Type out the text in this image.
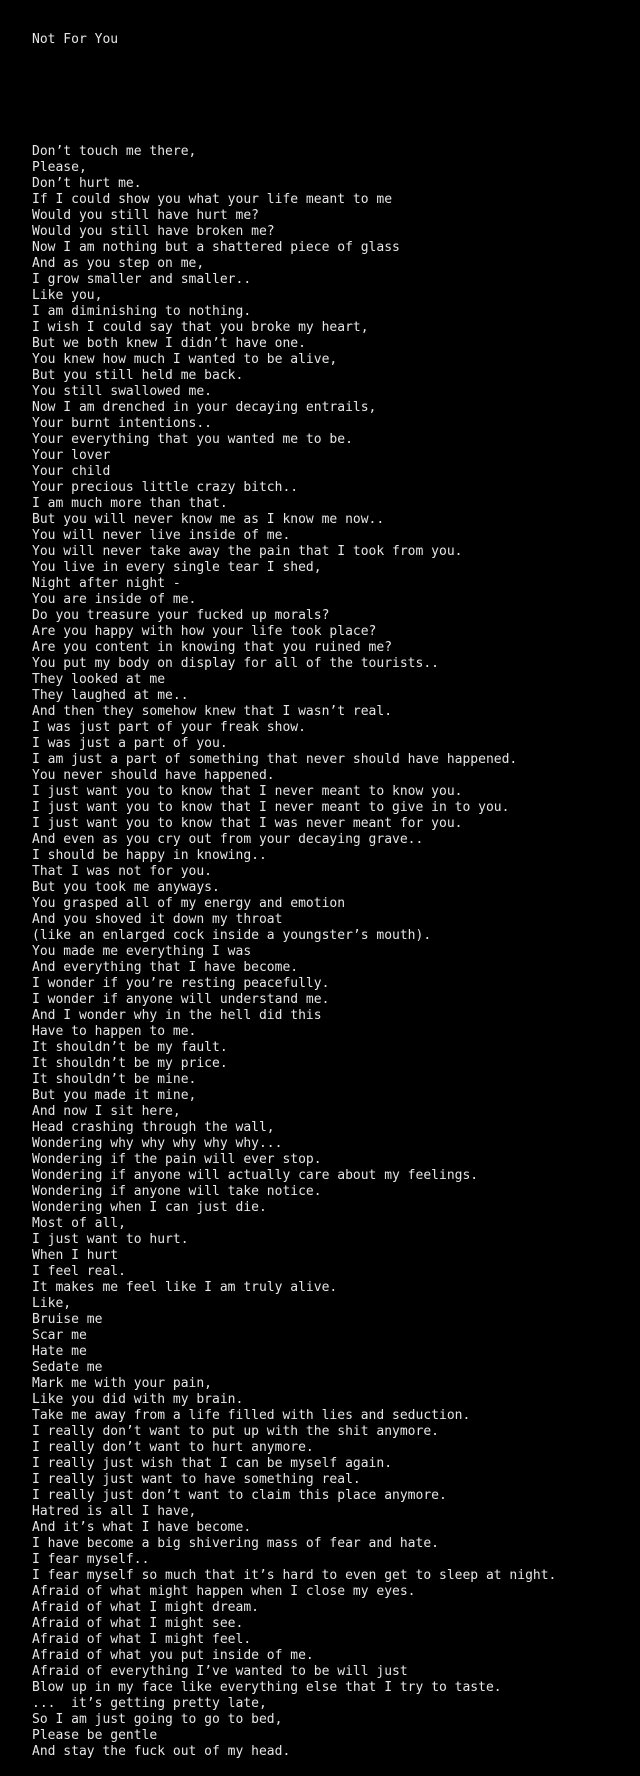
Not For You

Don’t touch me there,
Please,
Don’t hurt me.
If I could show you what your life meant to me
Would you still have hurt me?
Would you still have broken me?
Now I am nothing but a shattered piece of glass
And as you step on me,
I grow smaller and smaller..
Like you,
I am diminishing to nothing.
I wish I could say that you broke my heart,
But we both knew I didn’t have one.
You knew how much I wanted to be alive,
But you still held me back.
You still swallowed me.
Now I am drenched in your decaying entrails,
Your burnt intentions..
Your everything that you wanted me to be.
Your lover
Your child
Your precious little crazy bitch..
I am much more than that.
But you will never know me as I know me now..
You will never live inside of me.
You will never take away the pain that I took from you.
You live in every single tear I shed,
Night after night -
You are inside of me.
Do you treasure your fucked up morals?
Are you happy with how your life took place?
Are you content in knowing that you ruined me?
You put my body on display for all of the tourists..
They looked at me
They laughed at me..
And then they somehow knew that I wasn’t real.
I was just part of your freak show.
I was just a part of you.
I am just a part of something that never should have happened.
You never should have happened.
I just want you to know that I never meant to know you.
I just want you to know that I never meant to give in to you.
I just want you to know that I was never meant for you.
And even as you cry out from your decaying grave..
I should be happy in knowing..
That I was not for you.
But you took me anyways.
You grasped all of my energy and emotion
And you shoved it down my throat
(like an enlarged cock inside a youngster’s mouth).
You made me everything I was
And everything that I have become.
I wonder if you’re resting peacefully.
I wonder if anyone will understand me.
And I wonder why in the hell did this
Have to happen to me.
It shouldn’t be my fault.
It shouldn’t be my price.
It shouldn’t be mine.
But you made it mine,
And now I sit here,
Head crashing through the wall,
Wondering why why why why why...
Wondering if the pain will ever stop.
Wondering if anyone will actually care about my feelings.
Wondering if anyone will take notice.
Wondering when I can just die.
Most of all,
I just want to hurt.
When I hurt
I feel real.
It makes me feel like I am truly alive.
Like,
Bruise me
Scar me
Hate me
Sedate me
Mark me with your pain,
Like you did with my brain.
Take me away from a life filled with lies and seduction.
I really don’t want to put up with the shit anymore.
I really don’t want to hurt anymore.
I really just wish that I can be myself again.
I really just want to have something real.
I really just don’t want to claim this place anymore.
Hatred is all I have,
And it’s what I have become.
I have become a big shivering mass of fear and hate.
I fear myself..
I fear myself so much that it’s hard to even get to sleep at night.
Afraid of what might happen when I close my eyes.
Afraid of what I might dream.
Afraid of what I might see.
Afraid of what I might feel.
Afraid of what you put inside of me.
Afraid of everything I’ve wanted to be will just
Blow up in my face like everything else that I try to taste.
...  it’s getting pretty late,
So I am just going to go to bed,
Please be gentle
And stay the fuck out of my head.
